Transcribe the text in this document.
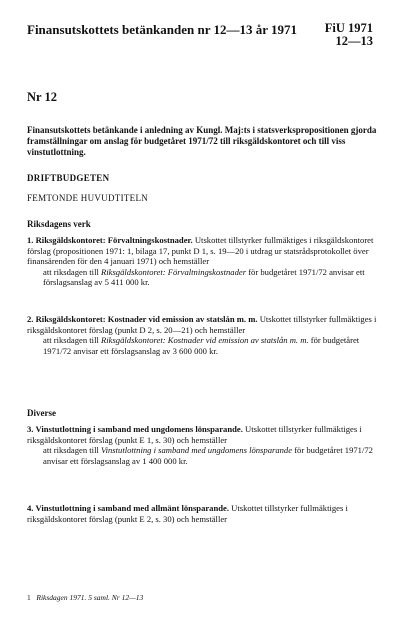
Finansutskottets betänkanden nr 12—13 år 1971 FiU 1971
12—13
Nr 12
Finansutskottets betänkande i anledning av Kungl. Maj:ts i statsverkspropositionen gjorda framställningar om anslag för budgetåret 1971/72 till riksgäldskontoret och till viss vinstutlottning.
DRIFTBUDGETEN
FEMTONDE HUVUDTITELN
Riksdagens verk

1. Riksgäldskontoret: Förvaltningskostnader. Utskottet tillstyrker fullmäktiges i riksgäldskontoret förslag (propositionen 1971: 1, bilaga 17, punkt D 1, s. 19—20 i utdrag ur statsrådsprotokollet över finansärenden för den 4 januari 1971) och hemställer

att riksdagen till Riksgäldskontoret: Förvaltningskostnader för budgetåret 1971/72 anvisar ett förslagsanslag av 5 411 000 kr.

2. Riksgäldskontoret: Kostnader vid emission av statslån m. m. Utskottet tillstyrker fullmäktiges i riksgäldskontoret förslag (punkt D 2, s. 20—21) och hemställer

att riksdagen till Riksgäldskontoret: Kostnader vid emission av statslån m. m. för budgetåret 1971/72 anvisar ett förslagsanslag av 3 600 000 kr.

Diverse

3. Vinstutlottning i samband med ungdomens lönsparande. Utskottet tillstyrker fullmäktiges i riksgäldskontoret förslag (punkt E 1, s. 30) och hemställer

att riksdagen till Vinstutlottning i samband med ungdomens lönsparande för budgetåret 1971/72 anvisar ett förslagsanslag av 1 400 000 kr.

4. Vinstutlottning i samband med allmänt lönsparande. Utskottet tillstyrker fullmäktiges i riksgäldskontoret förslag (punkt E 2, s. 30) och hemställer

1 Riksdagen 1971. 5 saml. Nr 12—13
